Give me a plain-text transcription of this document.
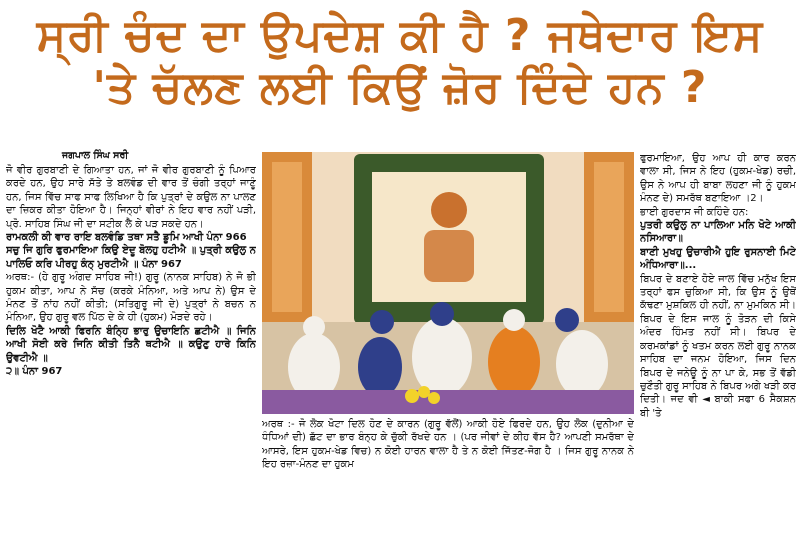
ਸ੍ਰੀ ਚੰਦ ਦਾ ਉਪਦੇਸ਼ ਕੀ ਹੈ ? ਜਥੇਦਾਰ ਇਸ
'ਤੇ ਚੱਲਣ ਲਈ ਕਿਉਂ ਜ਼ੋਰ ਦਿੰਦੇ ਹਨ ?
ਜਗਪਾਲ ਸਿੰਘ ਸਰੀ

ਜੋ ਵੀਰ ਗੁਰਬਾਣੀ ਦੇ ਗਿਆਤਾ ਹਨ, ਜਾਂ ਜੋ ਵੀਰ ਗੁਰਬਾਣੀ ਨੂੰ ਪਿਆਰ ਕਰਦੇ ਹਨ, ਉਹ ਸਾਰੇ ਸੱਤੇ ਤੇ ਬਲਵੰਡ ਦੀ ਵਾਰ ਤੋਂ ਚੰਗੀ ਤਰ੍ਹਾਂ ਜਾਣੂੰ ਹਨ, ਜਿਸ ਵਿੱਚ ਸਾਫ ਸਾਫ ਲਿਖਿਆ ਹੈ ਕਿ ਪੁਤ੍ਰਾਂ ਦੇ ਕਉਲ ਨਾ ਪਾਲਣ ਦਾ ਜ਼ਿਕਰ ਕੀਤਾ ਹੋਇਆ ਹੈ। ਜਿਨ੍ਹਾਂ ਵੀਰਾਂ ਨੇ ਇਹ ਵਾਰ ਨਹੀਂ ਪੜੀ, ਪ੍ਰੋ. ਸਾਹਿਬ ਸਿੰਘ ਜੀ ਦਾ ਸਟੀਕ ਲੈ ਕੇ ਪੜ ਸਕਦੇ ਹਨ।

ਰਾਮਕਲੀ ਕੀ ਵਾਰ ਰਾਇ ਬਲਵੰਡਿ ਤਥਾ ਸਤੈ ਡੂਮਿ ਆਖੀ ਪੰਨਾ 966

ਸਚੁ ਜਿ ਗੁਰਿ ਫੁਰਮਾਇਆ ਕਿਉ ਏਦੂ ਬੋਲਹੁ ਹਟੀਐ ॥ ਪੁਤ੍ਰੀ ਕਉਲੁ ਨ ਪਾਲਿਓ ਕਰਿ ਪੀਰਹੁ ਕੰਨ੍ ਮੁਰਟੀਐ ॥ ਪੰਨਾ 967

ਅਰਥ:- (ਹੇ ਗੁਰੂ ਅੰਗਦ ਸਾਹਿਬ ਜੀ!) ਗੁਰੂ (ਨਾਨਕ ਸਾਹਿਬ) ਨੇ ਜੋ ਭੀ ਹੁਕਮ ਕੀਤਾ, ਆਪ ਨੇ ਸੱਚ (ਕਰਕੇ ਮੰਨਿਆ, ਅਤੇ ਆਪ ਨੇ) ਉਸ ਦੇ ਮੰਨਣ ਤੋਂ ਨਾਂਹ ਨਹੀਂ ਕੀਤੀ; (ਸਤਿਗੁਰੂ ਜੀ ਦੇ) ਪੁਤ੍ਰਾਂ ਨੇ ਬਚਨ ਨ ਮੰਨਿਆ, ਉਹ ਗੁਰੂ ਵਲ ਪਿੱਠ ਦੇ ਕੇ ਹੀ (ਹੁਕਮ) ਮੋੜਦੇ ਰਹੇ।

ਦਿਲਿ ਖੋਟੈ ਆਕੀ ਫਿਰਨਿ ਬੰਨ੍ਹਿ ਭਾਰੁ ਉਚਾਇਨਿ ਛਟੀਐ ॥ ਜਿਨਿ ਆਖੀ ਸੋਈ ਕਰੇ ਜਿਨਿ ਕੀਤੀ ਤਿਨੈ ਥਟੀਐ ॥ ਕਉਣੁ ਹਾਰੇ ਕਿਨਿ ਉਵਟੀਐ ॥

੨॥ ਪੰਨਾ 967

ਅਰਥ :- ਜੋ ਲੋਕ ਖੋਟਾ ਦਿਲ ਹੋਣ ਦੇ ਕਾਰਨ (ਗੁਰੂ ਵੱਲੋਂ) ਆਕੀ ਹੋਏ ਫਿਰਦੇ ਹਨ, ਉਹ ਲੋਕ (ਦੁਨੀਆ ਦੇ ਧੰਧਿਆਂ ਦੀ) ਛੱਟ ਦਾ ਭਾਰ ਬੰਨ੍ਹ ਕੇ ਚੁੱਕੀ ਰੱਖਦੇ ਹਨ । (ਪਰ ਜੀਵਾਂ ਦੇ ਕੀਹ ਵੱਸ ਹੈ? ਆਪਣੀ ਸਮਰੱਥਾ ਦੇ ਆਸਰੇ, ਇਸ ਹੁਕਮ-ਖੇਡ ਵਿਚ) ਨ ਕੋਈ ਹਾਰਨ ਵਾਲਾ ਹੈ ਤੇ ਨ ਕੋਈ ਜਿੱਤਣ-ਜੋਗ ਹੈ । ਜਿਸ ਗੁਰੂ ਨਾਨਕ ਨੇ ਇਹ ਰਜ਼ਾ-ਮੰਨਣ ਦਾ ਹੁਕਮ

ਫੁਰਮਾਇਆ, ਉਹ ਆਪ ਹੀ ਕਾਰ ਕਰਨ ਵਾਲਾ ਸੀ, ਜਿਸ ਨੇ ਇਹ (ਹੁਕਮ-ਖੇਡ) ਰਚੀ, ਉਸ ਨੇ ਆਪ ਹੀ ਬਾਬਾ ਲਹਣਾ ਜੀ ਨੂੰ ਹੁਕਮ ਮੰਨਣ ਦੇ) ਸਮਰੱਥ ਬਣਾਇਆ ।2।

ਭਾਈ ਗੁਰਦਾਸ ਜੀ ਕਹਿੰਦੇ ਹਨ:

ਪੁਤਰੀ ਕਉਲੁ ਨਾ ਪਾਲਿਆ ਮਨਿ ਖੋਟੇ ਆਕੀ ਨਸਿਆਰਾ॥

ਬਾਣੀ ਮੁਖਹੁ ਉਚਾਰੀਐ ਹੁਇ ਰੁਸਨਾਈ ਮਿਟੇ ਅੰਧਿਆਰਾ॥...

ਬਿਪਰ ਦੇ ਬਣਾਏ ਹੋਏ ਜਾਲ ਵਿੱਚ ਮਨੁੱਖ ਇਸ ਤਰ੍ਹਾਂ ਫਸ ਚੁਕਿਆ ਸੀ, ਕਿ ਉਸ ਨੂੰ ਉਥੋਂ ਕੱਢਣਾ ਮੁਸ਼ਕਿਲ ਹੀ ਨਹੀਂ, ਨਾ ਮੁਮਕਿਨ ਸੀ। ਬਿਪਰ ਦੇ ਇਸ ਜਾਲ ਨੂੰ ਤੋੜਨ ਦੀ ਕਿਸੇ ਅੰਦਰ ਹਿੰਮਤ ਨਹੀਂ ਸੀ। ਬਿਪਰ ਦੇ ਕਰਮਕਾਂਡਾਂ ਨੂੰ ਖਤਮ ਕਰਨ ਲਈ ਗੁਰੂ ਨਾਨਕ ਸਾਹਿਬ ਦਾ ਜਨਮ ਹੋਇਆ, ਜਿਸ ਦਿਨ ਬਿਪਰ ਦੇ ਜਨੇਊ ਨੂੰ ਨਾ ਪਾ ਕੇ, ਸਭ ਤੋਂ ਵੱਡੀ ਚੁਣੌਤੀ ਗੁਰੂ ਸਾਹਿਬ ਨੇ ਬਿਪਰ ਅਗੇ ਖੜੀ ਕਰ ਦਿਤੀ। ਜਦ ਵੀ ◄ ਬਾਕੀ ਸਫਾ 6 ਸੈਕਸ਼ਨ ਬੀ 'ਤੇ
